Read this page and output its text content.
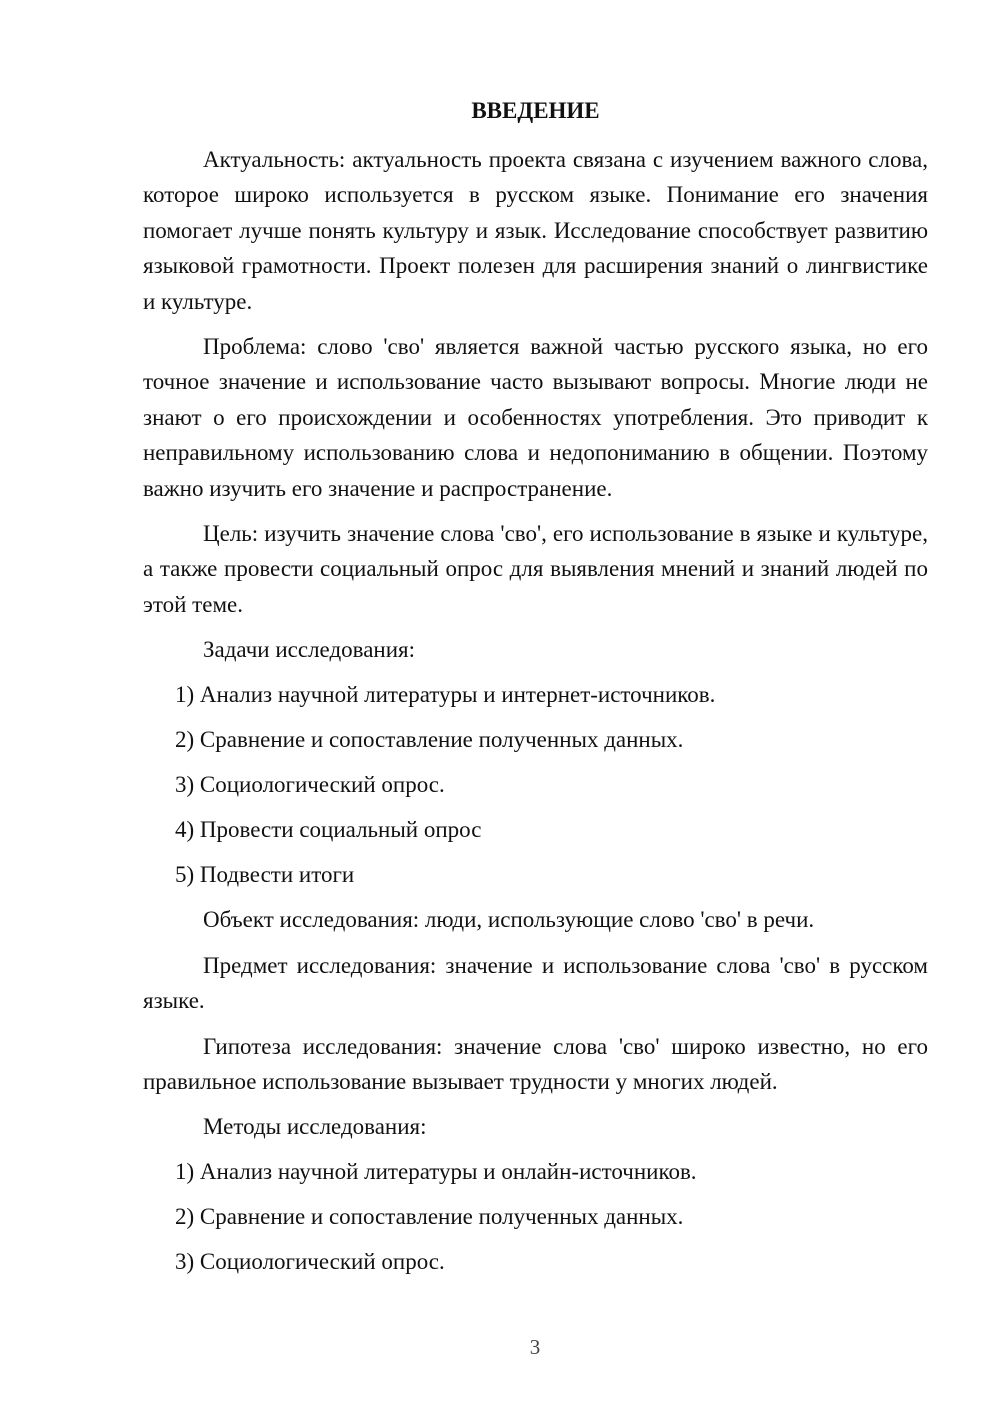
ВВЕДЕНИЕ

Актуальность: актуальность проекта связана с изучением важного слова, которое широко используется в русском языке. Понимание его значения помогает лучше понять культуру и язык. Исследование способствует развитию языковой грамотности. Проект полезен для расширения знаний о лингвистике и культуре.

Проблема: слово 'сво' является важной частью русского языка, но его точное значение и использование часто вызывают вопросы. Многие люди не знают о его происхождении и особенностях употребления. Это приводит к неправильному использованию слова и недопониманию в общении. Поэтому важно изучить его значение и распространение.

Цель: изучить значение слова 'сво', его использование в языке и культуре, а также провести социальный опрос для выявления мнений и знаний людей по этой теме.

Задачи исследования:
1) Анализ научной литературы и интернет-источников.
2) Сравнение и сопоставление полученных данных.
3) Социологический опрос.
4) Провести социальный опрос
5) Подвести итоги

Объект исследования: люди, использующие слово 'сво' в речи.

Предмет исследования: значение и использование слова 'сво' в русском языке.

Гипотеза исследования: значение слова 'сво' широко известно, но его правильное использование вызывает трудности у многих людей.

Методы исследования:
1) Анализ научной литературы и онлайн-источников.
2) Сравнение и сопоставление полученных данных.
3) Социологический опрос.
3
